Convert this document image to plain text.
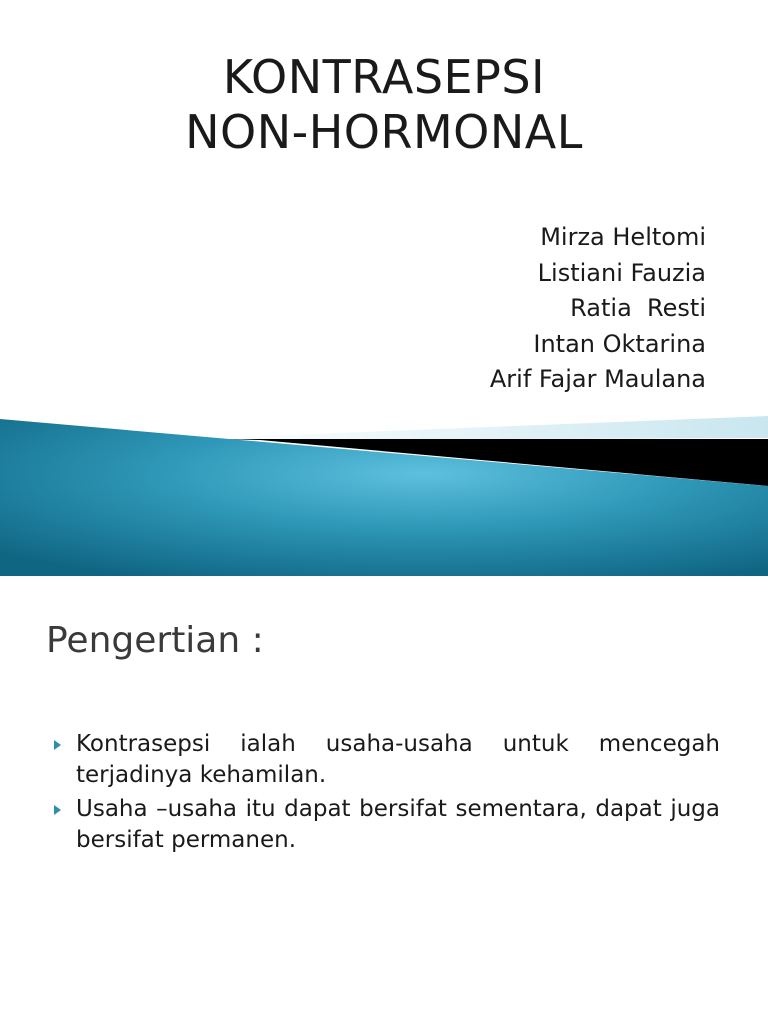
KONTRASEPSI
NON-HORMONAL
Mirza Heltomi
Listiani Fauzia
Ratia  Resti
Intan Oktarina
Arif Fajar Maulana
Pengertian :
Kontrasepsi ialah usaha-usaha untuk mencegah terjadinya kehamilan.
Usaha –usaha itu dapat bersifat sementara, dapat juga bersifat permanen.
